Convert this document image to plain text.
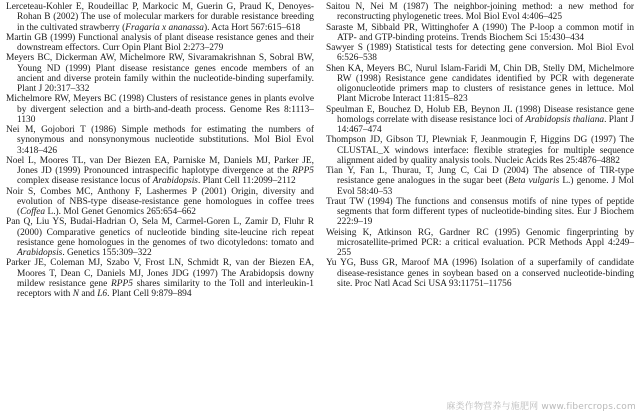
Lerceteau-Kohler E, Roudeillac P, Markocic M, Guerin G, Praud K, Denoyes-Rohan B (2002) The use of molecular markers for durable resistance breeding in the cultivated strawberry (Fragaria x ananassa). Acta Hort 567:615–618

Martin GB (1999) Functional analysis of plant disease resistance genes and their downstream effectors. Curr Opin Plant Biol 2:273–279

Meyers BC, Dickerman AW, Michelmore RW, Sivaramakrishnan S, Sobral BW, Young ND (1999) Plant disease resistance genes encode members of an ancient and diverse protein family within the nucleotide-binding superfamily. Plant J 20:317–332

Michelmore RW, Meyers BC (1998) Clusters of resistance genes in plants evolve by divergent selection and a birth-and-death process. Genome Res 8:1113–1130

Nei M, Gojobori T (1986) Simple methods for estimating the numbers of synonymous and nonsynonymous nucleotide substitutions. Mol Biol Evol 3:418–426

Noel L, Moores TL, van Der Biezen EA, Parniske M, Daniels MJ, Parker JE, Jones JD (1999) Pronounced intraspecific haplotype divergence at the RPP5 complex disease resistance locus of Arabidopsis. Plant Cell 11:2099–2112

Noir S, Combes MC, Anthony F, Lashermes P (2001) Origin, diversity and evolution of NBS-type disease-resistance gene homologues in coffee trees (Coffea L.). Mol Genet Genomics 265:654–662

Pan Q, Liu YS, Budai-Hadrian O, Sela M, Carmel-Goren L, Zamir D, Fluhr R (2000) Comparative genetics of nucleotide binding site-leucine rich repeat resistance gene homologues in the genomes of two dicotyledons: tomato and Arabidopsis. Genetics 155:309–322

Parker JE, Coleman MJ, Szabo V, Frost LN, Schmidt R, van der Biezen EA, Moores T, Dean C, Daniels MJ, Jones JDG (1997) The Arabidopsis downy mildew resistance gene RPP5 shares similarity to the Toll and interleukin-1 receptors with N and L6. Plant Cell 9:879–894

Saitou N, Nei M (1987) The neighbor-joining method: a new method for reconstructing phylogenetic trees. Mol Biol Evol 4:406–425

Saraste M, Sibbald PR, Wittinghofer A (1990) The P-loop a common motif in ATP- and GTP-binding proteins. Trends Biochem Sci 15:430–434

Sawyer S (1989) Statistical tests for detecting gene conversion. Mol Biol Evol 6:526–538

Shen KA, Meyers BC, Nurul Islam-Faridi M, Chin DB, Stelly DM, Michelmore RW (1998) Resistance gene candidates identified by PCR with degenerate oligonucleotide primers map to clusters of resistance genes in lettuce. Mol Plant Microbe Interact 11:815–823

Speulman E, Bouchez D, Holub EB, Beynon JL (1998) Disease resistance gene homologs correlate with disease resistance loci of Arabidopsis thaliana. Plant J 14:467–474

Thompson JD, Gibson TJ, Plewniak F, Jeanmougin F, Higgins DG (1997) The CLUSTAL_X windows interface: flexible strategies for multiple sequence alignment aided by quality analysis tools. Nucleic Acids Res 25:4876–4882

Tian Y, Fan L, Thurau, T, Jung C, Cai D (2004) The absence of TIR-type resistance gene analogues in the sugar beet (Beta vulgaris L.) genome. J Mol Evol 58:40–53

Traut TW (1994) The functions and consensus motifs of nine types of peptide segments that form different types of nucleotide-binding sites. Eur J Biochem 222:9–19

Weising K, Atkinson RG, Gardner RC (1995) Genomic fingerprinting by microsatellite-primed PCR: a critical evaluation. PCR Methods Appl 4:249–255

Yu YG, Buss GR, Maroof MA (1996) Isolation of a superfamily of candidate disease-resistance genes in soybean based on a conserved nucleotide-binding site. Proc Natl Acad Sci USA 93:11751–11756

麻类作物营养与施肥网 www.fibercrops.com
